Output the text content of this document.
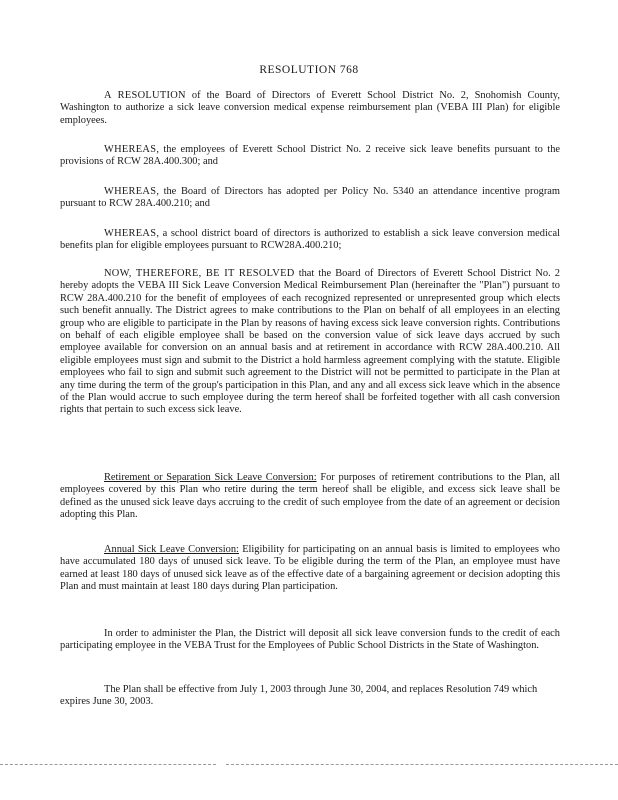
RESOLUTION 768

A RESOLUTION of the Board of Directors of Everett School District No. 2, Snohomish County, Washington to authorize a sick leave conversion medical expense reimbursement plan (VEBA III Plan) for eligible employees.

WHEREAS, the employees of Everett School District No. 2 receive sick leave benefits pursuant to the provisions of RCW 28A.400.300; and

WHEREAS, the Board of Directors has adopted per Policy No. 5340 an attendance incentive program pursuant to RCW 28A.400.210; and

WHEREAS, a school district board of directors is authorized to establish a sick leave conversion medical benefits plan for eligible employees pursuant to RCW28A.400.210;

NOW, THEREFORE, BE IT RESOLVED that the Board of Directors of Everett School District No. 2 hereby adopts the VEBA III Sick Leave Conversion Medical Reimbursement Plan (hereinafter the "Plan") pursuant to RCW 28A.400.210 for the benefit of employees of each recognized represented or unrepresented group which elects such benefit annually. The District agrees to make contributions to the Plan on behalf of all employees in an electing group who are eligible to participate in the Plan by reasons of having excess sick leave conversion rights. Contributions on behalf of each eligible employee shall be based on the conversion value of sick leave days accrued by such employee available for conversion on an annual basis and at retirement in accordance with RCW 28A.400.210. All eligible employees must sign and submit to the District a hold harmless agreement complying with the statute. Eligible employees who fail to sign and submit such agreement to the District will not be permitted to participate in the Plan at any time during the term of the group's participation in this Plan, and any and all excess sick leave which in the absence of the Plan would accrue to such employee during the term hereof shall be forfeited together with all cash conversion rights that pertain to such excess sick leave.

Retirement or Separation Sick Leave Conversion: For purposes of retirement contributions to the Plan, all employees covered by this Plan who retire during the term hereof shall be eligible, and excess sick leave shall be defined as the unused sick leave days accruing to the credit of such employee from the date of an agreement or decision adopting this Plan.

Annual Sick Leave Conversion: Eligibility for participating on an annual basis is limited to employees who have accumulated 180 days of unused sick leave. To be eligible during the term of the Plan, an employee must have earned at least 180 days of unused sick leave as of the effective date of a bargaining agreement or decision adopting this Plan and must maintain at least 180 days during Plan participation.

In order to administer the Plan, the District will deposit all sick leave conversion funds to the credit of each participating employee in the VEBA Trust for the Employees of Public School Districts in the State of Washington.

The Plan shall be effective from July 1, 2003 through June 30, 2004, and replaces Resolution 749 which expires June 30, 2003.
